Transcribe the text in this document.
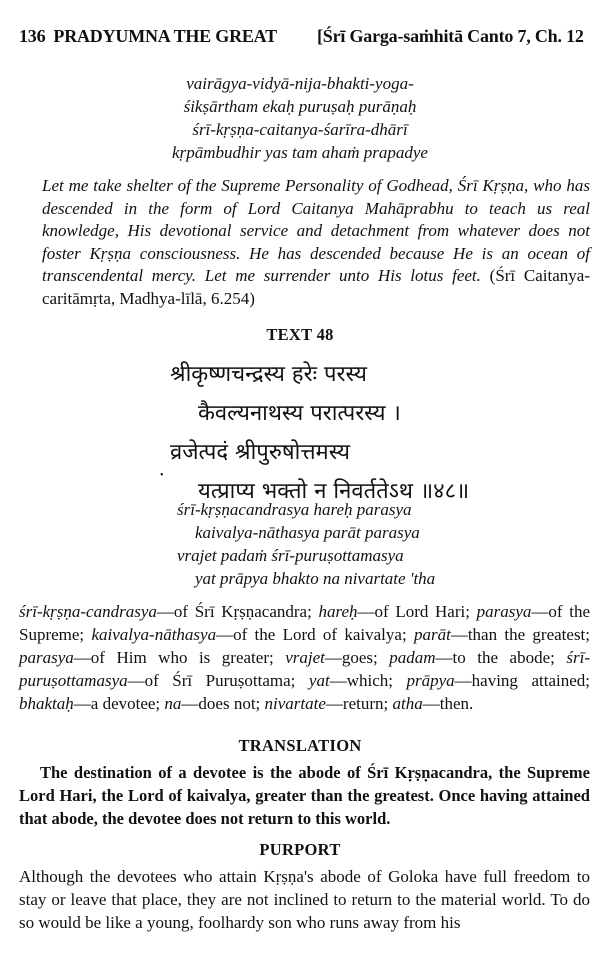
136 PRADYUMNA THE GREAT [Śrī Garga-saṁhitā Canto 7, Ch. 12
vairāgya-vidyā-nija-bhakti-yoga-
śikṣārtham ekaḥ puruṣaḥ purāṇaḥ
śrī-kṛṣṇa-caitanya-śarīra-dhārī
kṛpāmbudhir yas tam ahaṁ prapadye
Let me take shelter of the Supreme Personality of Godhead, Śrī Kṛṣṇa, who has descended in the form of Lord Caitanya Mahāprabhu to teach us real knowledge, His devotional service and detachment from whatever does not foster Kṛṣṇa consciousness. He has descended because He is an ocean of transcendental mercy. Let me surrender unto His lotus feet. (Śrī Caitanya-caritāmṛta, Madhya-līlā, 6.254)
TEXT 48
श्रीकृष्णचन्द्रस्य हरेः परस्य
कैवल्यनाथस्य परात्परस्य ।
व्रजेत्पदं श्रीपुरुषोत्तमस्य
यत्प्राप्य भक्तो न निवर्ततेऽथ ॥४८॥
•
śrī-kṛṣṇacandrasya hareḥ parasya
kaivalya-nāthasya parāt parasya
vrajet padaṁ śrī-puruṣottamasya
yat prāpya bhakto na nivartate 'tha
śrī-kṛṣṇa-candrasya—of Śrī Kṛṣṇacandra; hareḥ—of Lord Hari; parasya—of the Supreme; kaivalya-nāthasya—of the Lord of kaivalya; parāt—than the greatest; parasya—of Him who is greater; vrajet—goes; padam—to the abode; śrī-puruṣottamasya—of Śrī Puruṣottama; yat—which; prāpya—having attained; bhaktaḥ—a devotee; na—does not; nivartate—return; atha—then.
TRANSLATION
The destination of a devotee is the abode of Śrī Kṛṣṇacandra, the Supreme Lord Hari, the Lord of kaivalya, greater than the greatest. Once having attained that abode, the devotee does not return to this world.
PURPORT
Although the devotees who attain Kṛṣṇa's abode of Goloka have full freedom to stay or leave that place, they are not inclined to return to the material world. To do so would be like a young, foolhardy son who runs away from his
